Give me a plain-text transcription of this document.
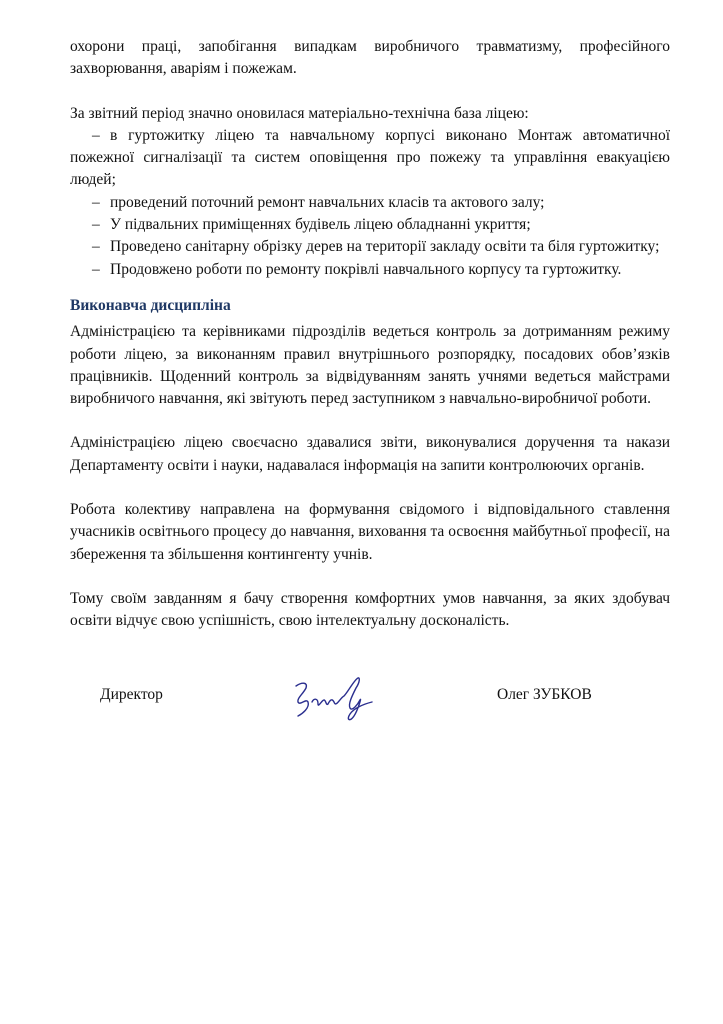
охорони праці, запобігання випадкам виробничого травматизму, професійного захворювання, аваріям і пожежам.

За звітний період значно оновилася матеріально-технічна база ліцею:

– в гуртожитку ліцею та навчальному корпусі виконано Монтаж автоматичної пожежної сигналізації та систем оповіщення про пожежу та управління евакуацією людей;
– проведений поточний ремонт навчальних класів та актового залу;
– У підвальних приміщеннях будівель ліцею обладнанні укриття;
– Проведено санітарну обрізку дерев на території закладу освіти та біля гуртожитку;
– Продовжено роботи по ремонту покрівлі навчального корпусу та гуртожитку.
Виконавча дисципліна

Адміністрацією та керівниками підрозділів ведеться контроль за дотриманням режиму роботи ліцею, за виконанням правил внутрішнього розпорядку, посадових обов’язків працівників. Щоденний контроль за відвідуванням занять учнями ведеться майстрами виробничого навчання, які звітують перед заступником з навчально-виробничої роботи.

Адміністрацією ліцею своєчасно здавалися звіти, виконувалися доручення та накази Департаменту освіти і науки, надавалася інформація на запити контролюючих органів.

Робота колективу направлена на формування свідомого і відповідального ставлення учасників освітнього процесу до навчання, виховання та освоєння майбутньої професії, на збереження та збільшення контингенту учнів.

Тому своїм завданням я бачу створення комфортних умов навчання, за яких здобувач освіти відчує свою успішність, свою інтелектуальну досконалість.

Директор	Олег ЗУБКОВ
